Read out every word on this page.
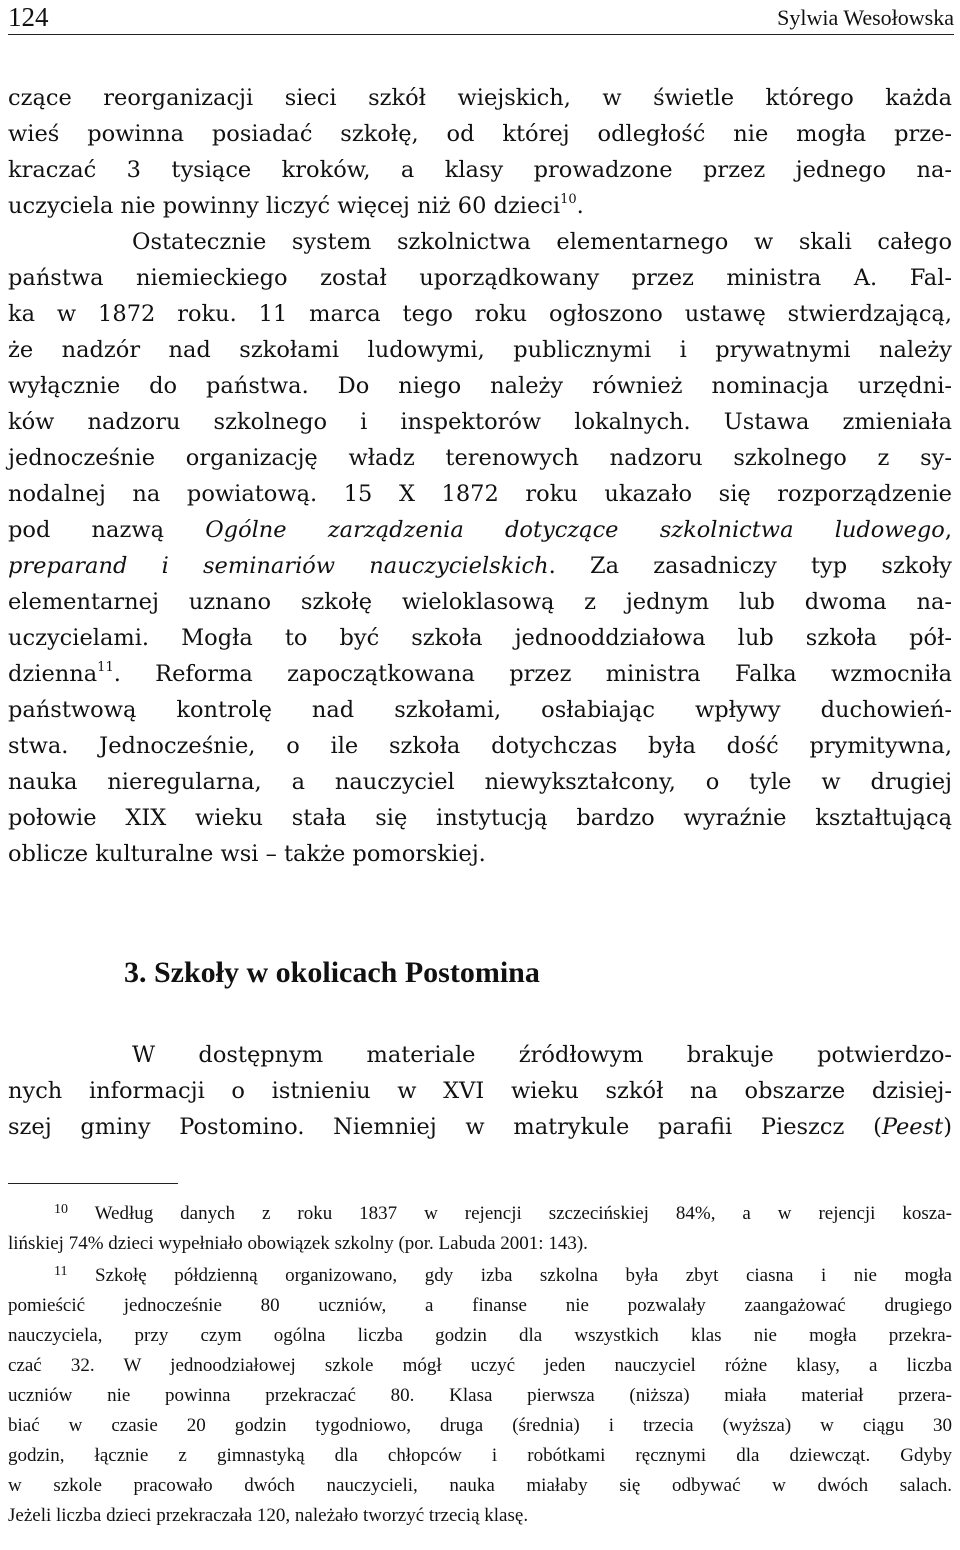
124	Sylwia Wesołowska
czące reorganizacji sieci szkół wiejskich, w świetle którego każda
wieś powinna posiadać szkołę, od której odległość nie mogła prze-
kraczać 3 tysiące kroków, a klasy prowadzone przez jednego na-
uczyciela nie powinny liczyć więcej niż 60 dzieci$^{10}$.
Ostatecznie system szkolnictwa elementarnego w skali całego
państwa niemieckiego został uporządkowany przez ministra A. Fal-
ka w 1872 roku. 11 marca tego roku ogłoszono ustawę stwierdzającą,
że nadzór nad szkołami ludowymi, publicznymi i prywatnymi należy
wyłącznie do państwa. Do niego należy również nominacja urzędni-
ków nadzoru szkolnego i inspektorów lokalnych. Ustawa zmieniała
jednocześnie organizację władz terenowych nadzoru szkolnego z sy-
nodalnej na powiatową. 15 X 1872 roku ukazało się rozporządzenie
pod nazwą Ogólne zarządzenia dotyczące szkolnictwa ludowego,
preparand i seminariów nauczycielskich. Za zasadniczy typ szkoły
elementarnej uznano szkołę wieloklasową z jednym lub dwoma na-
uczycielami. Mogła to być szkoła jednooddziałowa lub szkoła pół-
dzienna$^{11}$. Reforma zapoczątkowana przez ministra Falka wzmocniła
państwową kontrolę nad szkołami, osłabiając wpływy duchowień-
stwa. Jednocześnie, o ile szkoła dotychczas była dość prymitywna,
nauka nieregularna, a nauczyciel niewykształcony, o tyle w drugiej
połowie XIX wieku stała się instytucją bardzo wyraźnie kształtującą
oblicze kulturalne wsi – także pomorskiej.
W dostępnym materiale źródłowym brakuje potwierdzo-
nych informacji o istnieniu w XVI wieku szkół na obszarze dzisiej-
szej gminy Postomino. Niemniej w matrykule parafii Pieszcz (Peest)
3. Szkoły w okolicach Postomina
$^{10}$ Według danych z roku 1837 w rejencji szczecińskiej 84%, a w rejencji kosza-
lińskiej 74% dzieci wypełniało obowiązek szkolny (por. Labuda 2001: 143).
$^{11}$ Szkołę półdzienną organizowano, gdy izba szkolna była zbyt ciasna i nie mogła
pomieścić jednocześnie 80 uczniów, a finanse nie pozwalały zaangażować drugiego
nauczyciela, przy czym ogólna liczba godzin dla wszystkich klas nie mogła przekra-
czać 32. W jednoodziałowej szkole mógł uczyć jeden nauczyciel różne klasy, a liczba
uczniów nie powinna przekraczać 80. Klasa pierwsza (niższa) miała materiał przera-
biać w czasie 20 godzin tygodniowo, druga (średnia) i trzecia (wyższa) w ciągu 30
godzin, łącznie z gimnastyką dla chłopców i robótkami ręcznymi dla dziewcząt. Gdyby
w szkole pracowało dwóch nauczycieli, nauka miałaby się odbywać w dwóch salach.
Jeżeli liczba dzieci przekraczała 120, należało tworzyć trzecią klasę.
